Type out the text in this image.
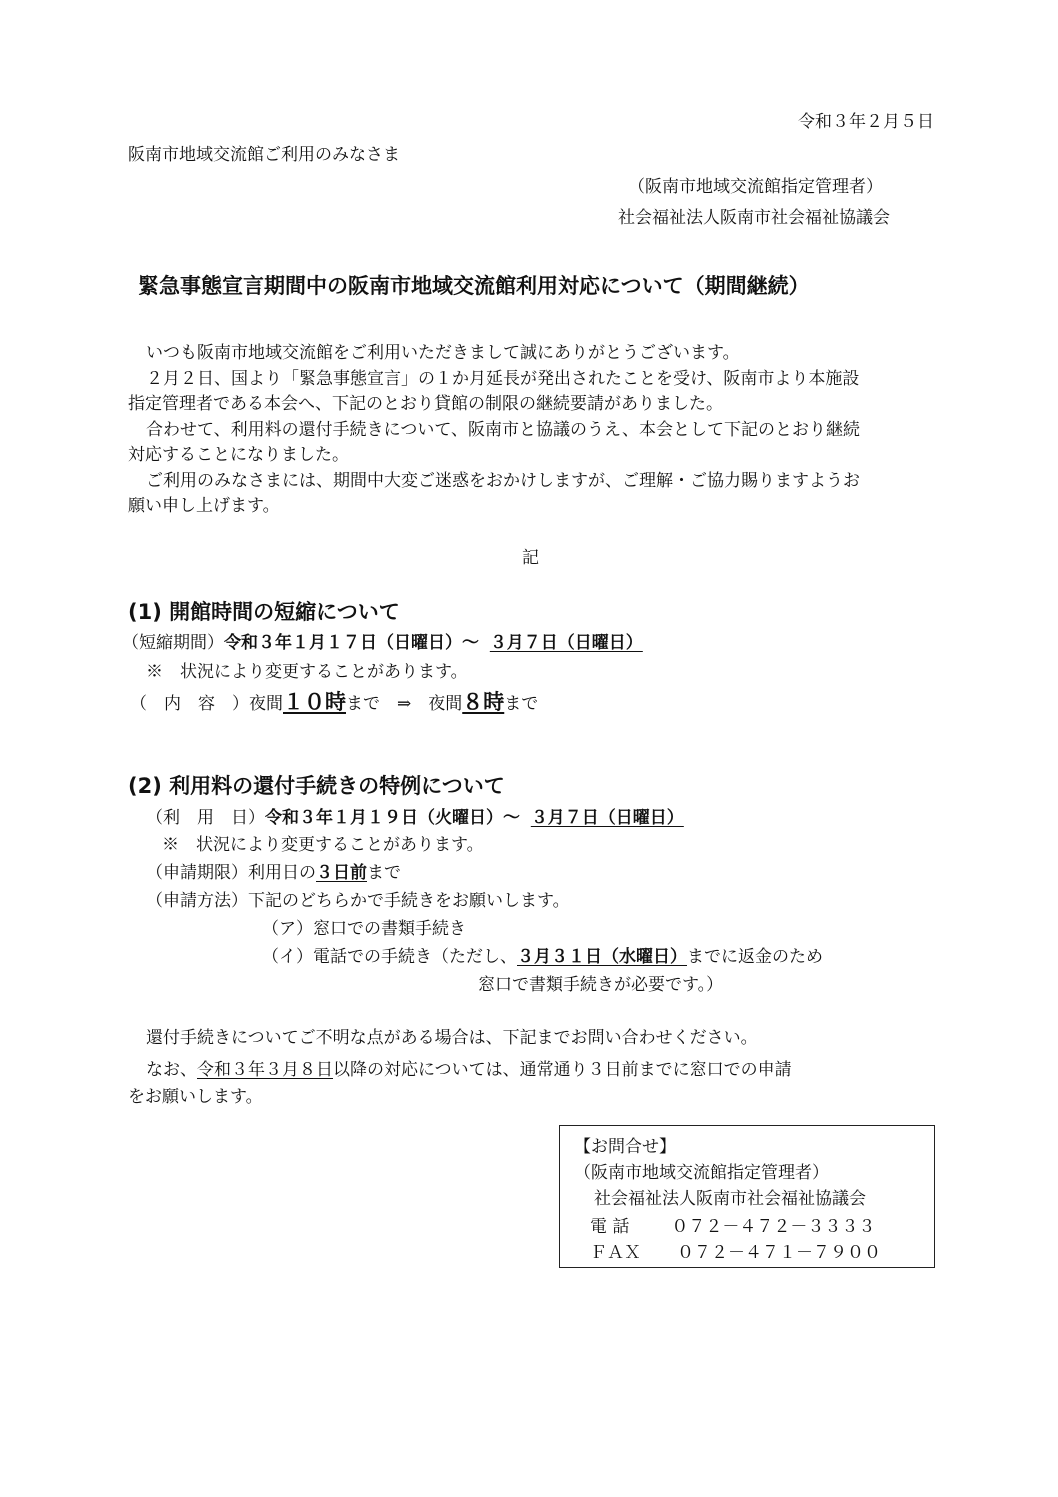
令和３年２月５日
阪南市地域交流館ご利用のみなさま
（阪南市地域交流館指定管理者）
社会福祉法人阪南市社会福祉協議会
緊急事態宣言期間中の阪南市地域交流館利用対応について（期間継続）
いつも阪南市地域交流館をご利用いただきまして誠にありがとうございます。
２月２日、国より「緊急事態宣言」の１か月延長が発出されたことを受け、阪南市より本施設
指定管理者である本会へ、下記のとおり貸館の制限の継続要請がありました。
合わせて、利用料の還付手続きについて、阪南市と協議のうえ、本会として下記のとおり継続
対応することになりました。
ご利用のみなさまには、期間中大変ご迷惑をおかけしますが、ご理解・ご協力賜りますようお
願い申し上げます。
記
(1) 開館時間の短縮について
（短縮期間）令和３年１月１７日（日曜日）～ ３月７日（日曜日）
※　状況により変更することがあります。
（　内　容　）夜間１０時まで　⇒　夜間８時まで
(2) 利用料の還付手続きの特例について
（利　用　日）令和３年１月１９日（火曜日）～ ３月７日（日曜日）
※　状況により変更することがあります。
（申請期限）利用日の３日前まで
（申請方法）下記のどちらかで手続きをお願いします。
（ア）窓口での書類手続き
（イ）電話での手続き（ただし、３月３１日（水曜日）までに返金のため
窓口で書類手続きが必要です。）
還付手続きについてご不明な点がある場合は、下記までお問い合わせください。
なお、令和３年３月８日以降の対応については、通常通り３日前までに窓口での申請
をお願いします。
【お問合せ】
（阪南市地域交流館指定管理者）
社会福祉法人阪南市社会福祉協議会
電 話 ０７２－４７２－３３３３
ＦＡＸ ０７２－４７１－７９００
